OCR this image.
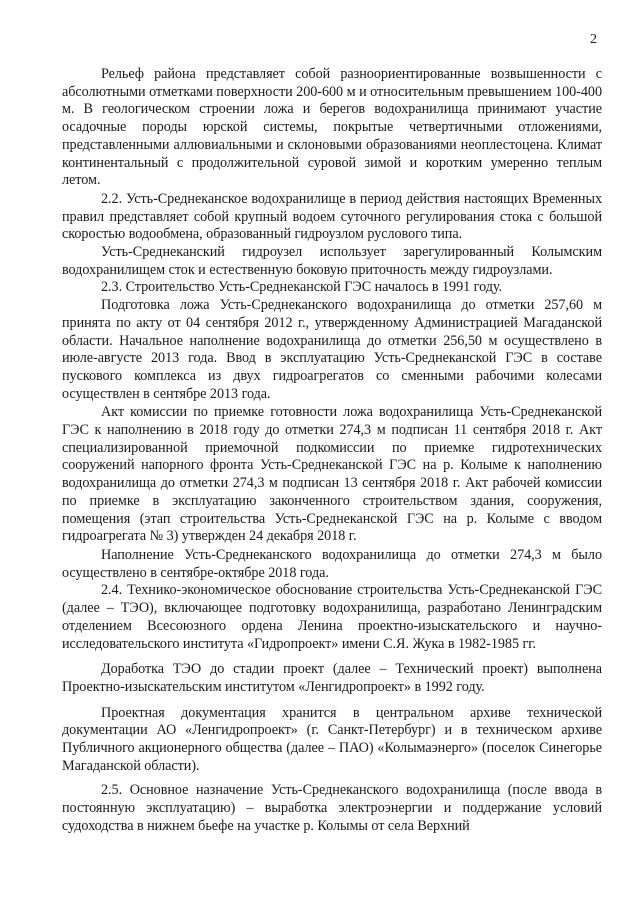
2

Рельеф района представляет собой разноориентированные возвышенности с абсолютными отметками поверхности 200-600 м и относительным превышением 100-400 м. В геологическом строении ложа и берегов водохранилища принимают участие осадочные породы юрской системы, покрытые четвертичными отложениями, представленными аллювиальными и склоновыми образованиями неоплестоцена. Климат континентальный с продолжительной суровой зимой и коротким умеренно теплым летом.

2.2. Усть-Среднеканское водохранилище в период действия настоящих Временных правил представляет собой крупный водоем суточного регулирования стока с большой скоростью водообмена, образованный гидроузлом руслового типа.

Усть-Среднеканский гидроузел использует зарегулированный Колымским водохранилищем сток и естественную боковую приточность между гидроузлами.

2.3. Строительство Усть-Среднеканской ГЭС началось в 1991 году.

Подготовка ложа Усть-Среднеканского водохранилища до отметки 257,60 м принята по акту от 04 сентября 2012 г., утвержденному Администрацией Магаданской области. Начальное наполнение водохранилища до отметки 256,50 м осуществлено в июле-августе 2013 года. Ввод в эксплуатацию Усть-Среднеканской ГЭС в составе пускового комплекса из двух гидроагрегатов со сменными рабочими колесами осуществлен в сентябре 2013 года.

Акт комиссии по приемке готовности ложа водохранилища Усть-Среднеканской ГЭС к наполнению в 2018 году до отметки 274,3 м подписан 11 сентября 2018 г. Акт специализированной приемочной подкомиссии по приемке гидротехнических сооружений напорного фронта Усть-Среднеканской ГЭС на р. Колыме к наполнению водохранилища до отметки 274,3 м подписан 13 сентября 2018 г. Акт рабочей комиссии по приемке в эксплуатацию законченного строительством здания, сооружения, помещения (этап строительства Усть-Среднеканской ГЭС на р. Колыме с вводом гидроагрегата № 3) утвержден 24 декабря 2018 г.

Наполнение Усть-Среднеканского водохранилища до отметки 274,3 м было осуществлено в сентябре-октябре 2018 года.

2.4. Технико-экономическое обоснование строительства Усть-Среднеканской ГЭС (далее – ТЭО), включающее подготовку водохранилища, разработано Ленинградским отделением Всесоюзного ордена Ленина проектно-изыскательского и научно-исследовательского института «Гидропроект» имени С.Я. Жука в 1982-1985 гг.

Доработка ТЭО до стадии проект (далее – Технический проект) выполнена Проектно-изыскательским институтом «Ленгидропроект» в 1992 году.

Проектная документация хранится в центральном архиве технической документации АО «Ленгидропроект» (г. Санкт-Петербург) и в техническом архиве Публичного акционерного общества (далее – ПАО) «Колымаэнерго» (поселок Синегорье Магаданской области).

2.5. Основное назначение Усть-Среднеканского водохранилища (после ввода в постоянную эксплуатацию) – выработка электроэнергии и поддержание условий судоходства в нижнем бьефе на участке р. Колымы от села Верхний
